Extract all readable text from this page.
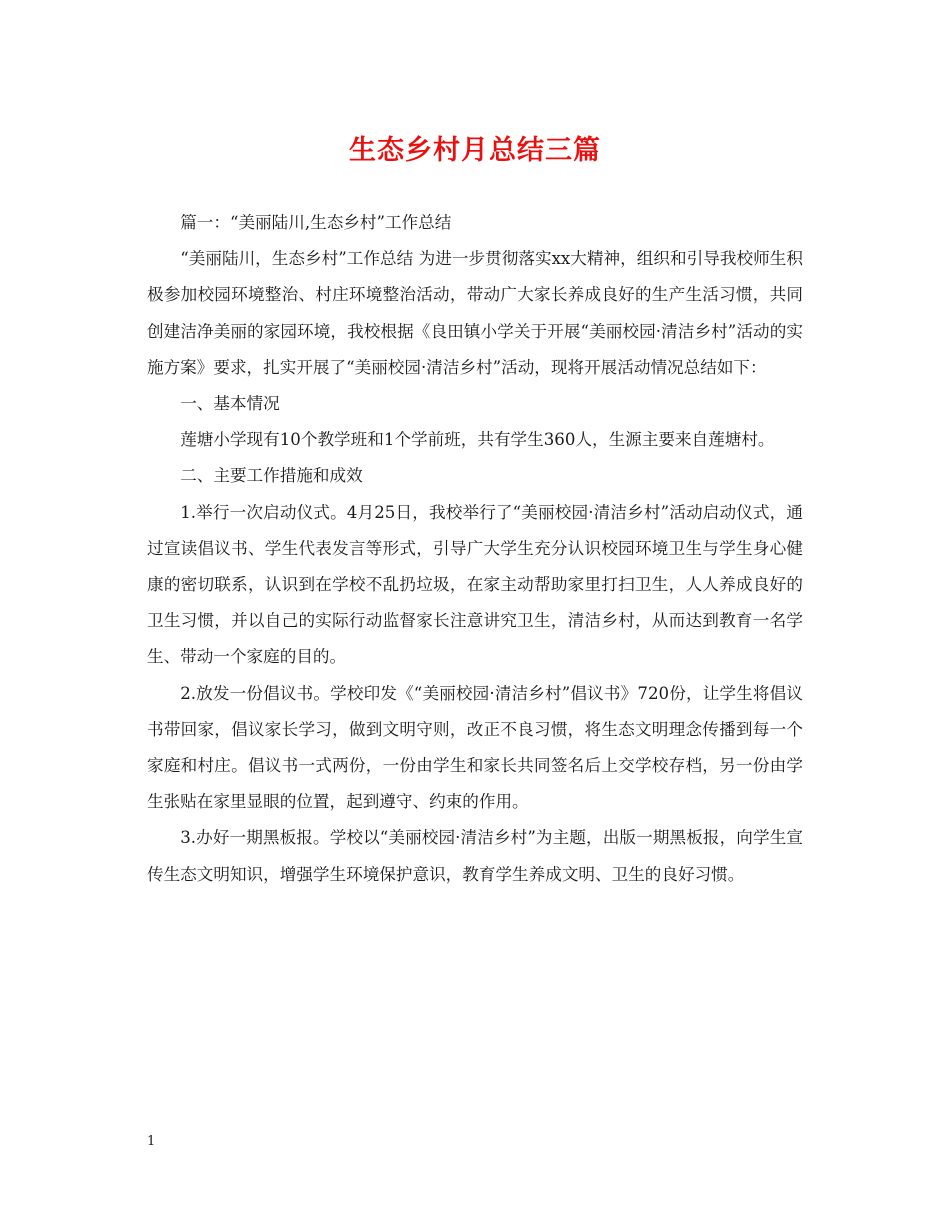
生态乡村月总结三篇

篇一：“美丽陆川,生态乡村”工作总结

“美丽陆川，生态乡村”工作总结 为进一步贯彻落实xx大精神，组织和引导我校师生积极参加校园环境整治、村庄环境整治活动，带动广大家长养成良好的生产生活习惯，共同创建洁净美丽的家园环境，我校根据《良田镇小学关于开展“美丽校园·清洁乡村”活动的实施方案》要求，扎实开展了“美丽校园·清洁乡村”活动，现将开展活动情况总结如下：

一、基本情况

莲塘小学现有10个教学班和1个学前班，共有学生360人，生源主要来自莲塘村。

二、主要工作措施和成效

1.举行一次启动仪式。4月25日，我校举行了“美丽校园·清洁乡村”活动启动仪式，通过宣读倡议书、学生代表发言等形式，引导广大学生充分认识校园环境卫生与学生身心健康的密切联系，认识到在学校不乱扔垃圾，在家主动帮助家里打扫卫生，人人养成良好的卫生习惯，并以自己的实际行动监督家长注意讲究卫生，清洁乡村，从而达到教育一名学生、带动一个家庭的目的。

2.放发一份倡议书。学校印发《“美丽校园·清洁乡村”倡议书》720份，让学生将倡议书带回家，倡议家长学习，做到文明守则，改正不良习惯，将生态文明理念传播到每一个家庭和村庄。倡议书一式两份，一份由学生和家长共同签名后上交学校存档，另一份由学生张贴在家里显眼的位置，起到遵守、约束的作用。

3.办好一期黑板报。学校以“美丽校园·清洁乡村”为主题，出版一期黑板报，向学生宣传生态文明知识，增强学生环境保护意识，教育学生养成文明、卫生的良好习惯。

1
